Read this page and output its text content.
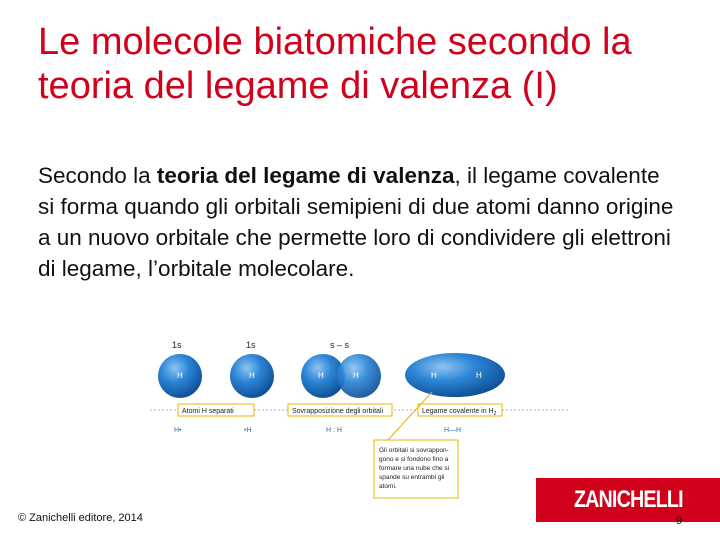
Le molecole biatomiche secondo la teoria del legame di valenza (I)
Secondo la teoria del legame di valenza, il legame covalente si forma quando gli orbitali semipieni di due atomi danno origine a un nuovo orbitale che permette loro di condividere gli elettroni di legame, l’orbitale molecolare.
1s	1s	s – s
H	H	H	H	H	H
Atomi H separati	Sovrapposizione degli orbitali	Legame covalente in $H_2$
H•	•H	H : H	H—H
Gli orbitali si sovrappon-
gono e si fondono fino a
formare una nube che si
spande su entrambi gli
atomi.
© Zanichelli editore, 2014
ZANICHELLI
9
